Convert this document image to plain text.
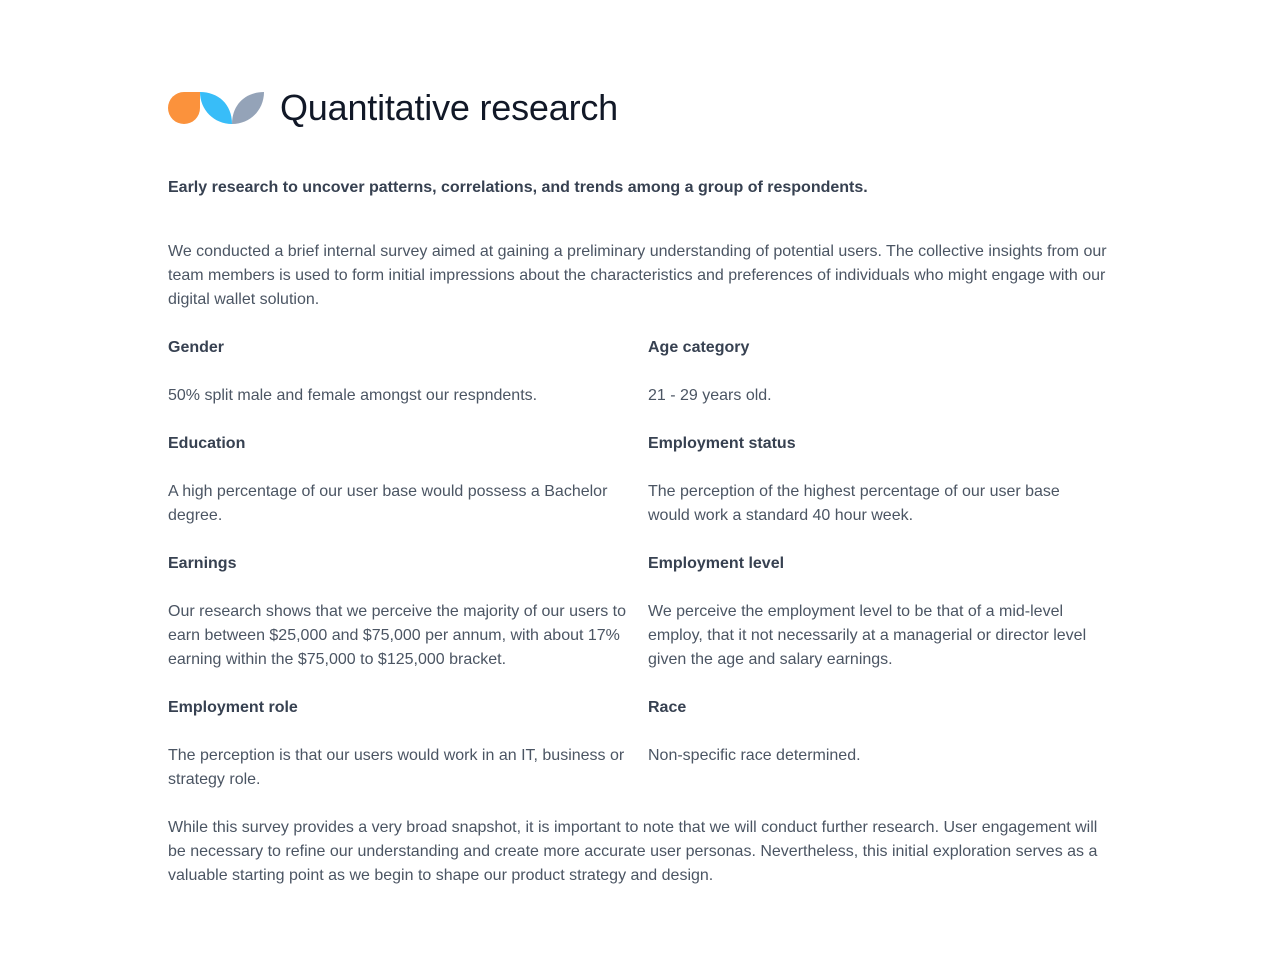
Quantitative research

Early research to uncover patterns, correlations, and trends among a group of respondents.

We conducted a brief internal survey aimed at gaining a preliminary understanding of potential users. The collective insights from our team members is used to form initial impressions about the characteristics and preferences of individuals who might engage with our digital wallet solution.

Gender

50% split male and female amongst our respndents.

Age category

21 - 29 years old.

Education

A high percentage of our user base would possess a Bachelor degree.

Employment status

The perception of the highest percentage of our user base would work a standard 40 hour week.

Earnings

Our research shows that we perceive the majority of our users to earn between $25,000 and $75,000 per annum, with about 17% earning within the $75,000 to $125,000 bracket.

Employment level

We perceive the employment level to be that of a mid-level employ, that it not necessarily at a managerial or director level given the age and salary earnings.

Employment role

The perception is that our users would work in an IT, business or strategy role.

Race

Non-specific race determined.

While this survey provides a very broad snapshot, it is important to note that we will conduct further research. User engagement will be necessary to refine our understanding and create more accurate user personas. Nevertheless, this initial exploration serves as a valuable starting point as we begin to shape our product strategy and design.
